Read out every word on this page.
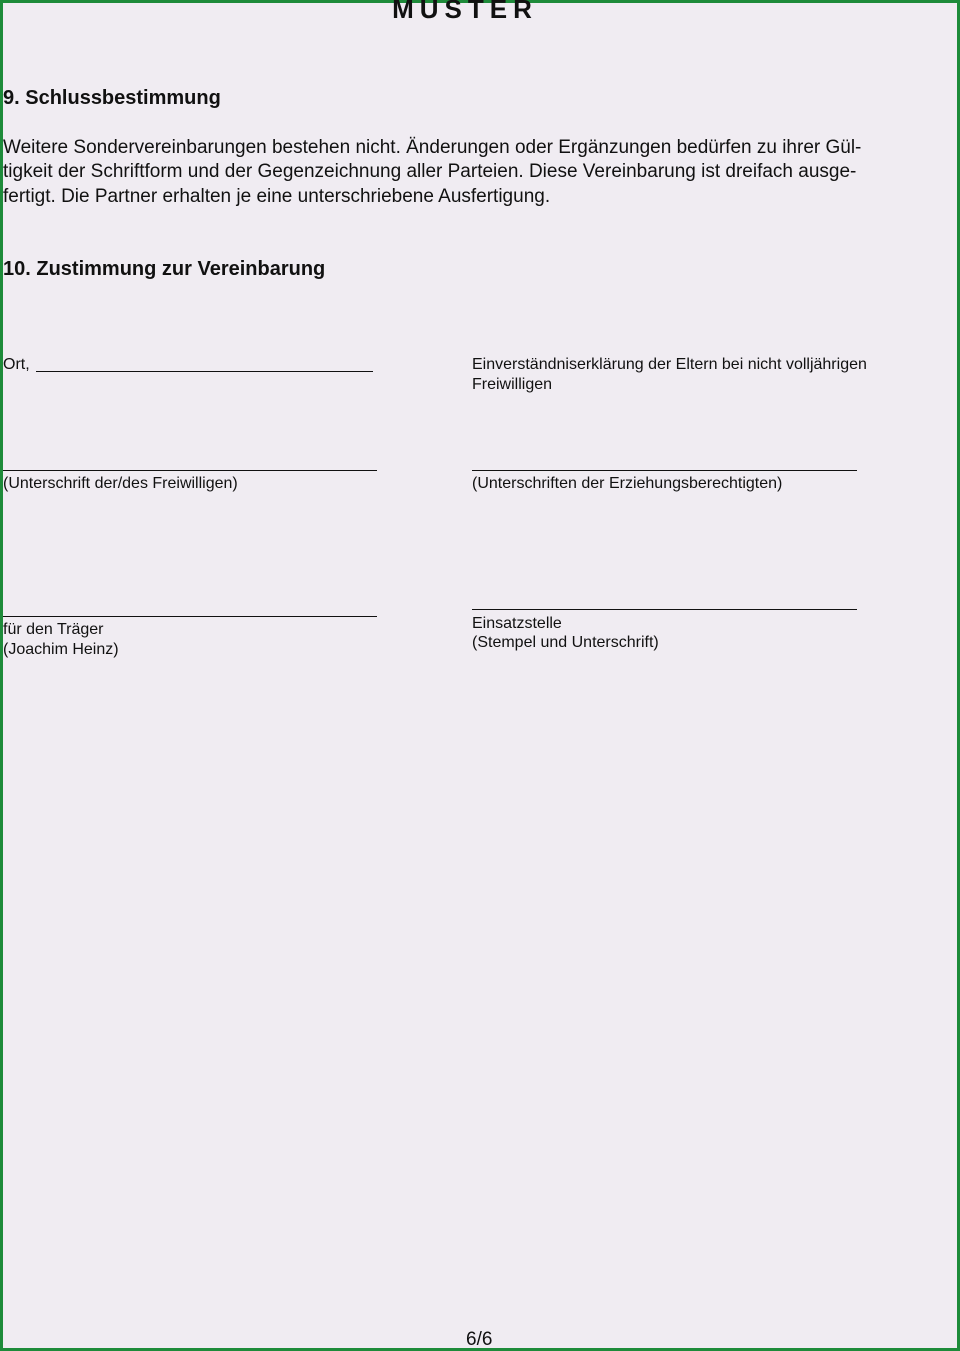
MUSTER
9. Schlussbestimmung
Weitere Sondervereinbarungen bestehen nicht. Änderungen oder Ergänzungen bedürfen zu ihrer Gül-
tigkeit der Schriftform und der Gegenzeichnung aller Parteien. Diese Vereinbarung ist dreifach ausge-
fertigt. Die Partner erhalten je eine unterschriebene Ausfertigung.
10. Zustimmung zur Vereinbarung
Ort,	Einverständniserklärung der Eltern bei nicht volljährigen
Freiwilligen
(Unterschrift der/des Freiwilligen)	(Unterschriften der Erziehungsberechtigten)
für den Träger
(Joachim Heinz)
Einsatzstelle
(Stempel und Unterschrift)
6/6
